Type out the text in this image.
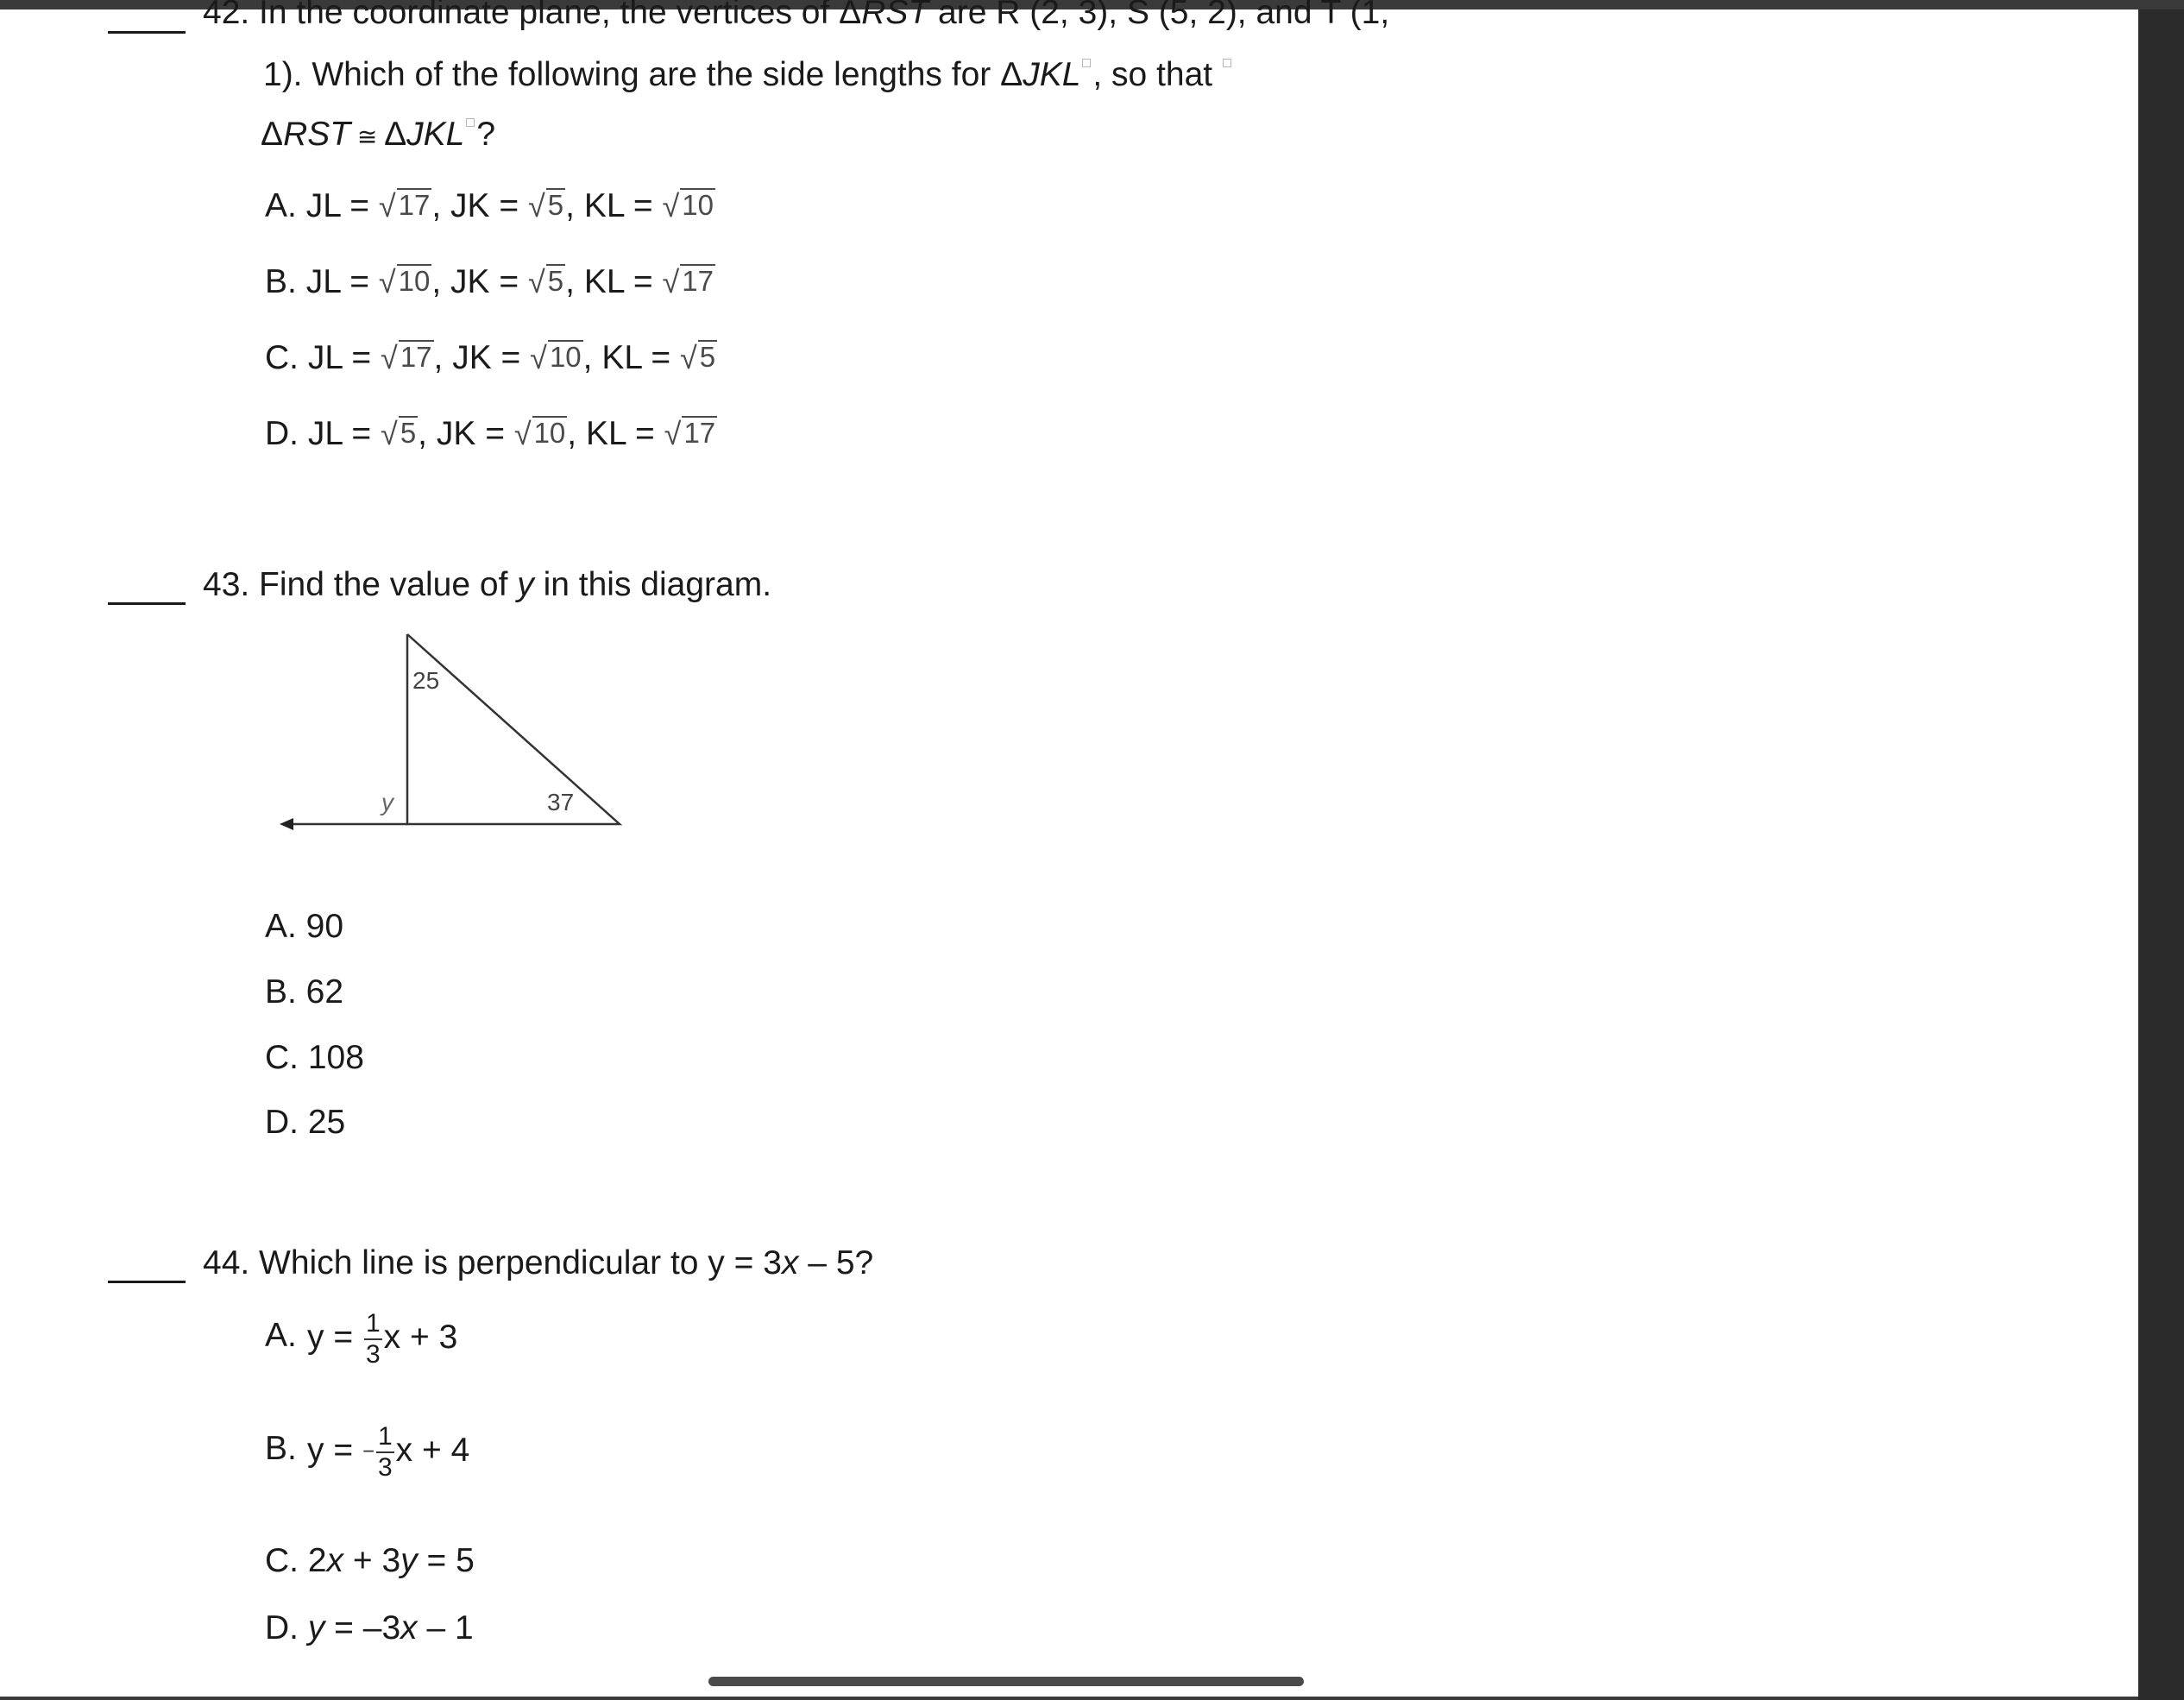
42. In the coordinate plane, the vertices of ΔRST are R (2, 3), S (5, 2), and T (1,
1). Which of the following are the side lengths for ΔJKL , so that
ΔRST ≅ ΔJKL ?
A. JL = √ 17 , JK = √ 5 , KL = √ 10
B. JL = √ 10 , JK = √ 5 , KL = √ 17
C. JL = √ 17 , JK = √ 10 , KL = √ 5
D. JL = √ 5 , JK = √ 10 , KL = √ 17
43. Find the value of y in this diagram.
25
37
y
A. 90
B. 62
C. 108
D. 25
44. Which line is perpendicular to y = 3x – 5?
A. $y = \frac{1}{3}$ x + 3
B. y = − $\frac{1}{3}$ x + 4
C. 2x + 3y = 5
D. y = –3x – 1
